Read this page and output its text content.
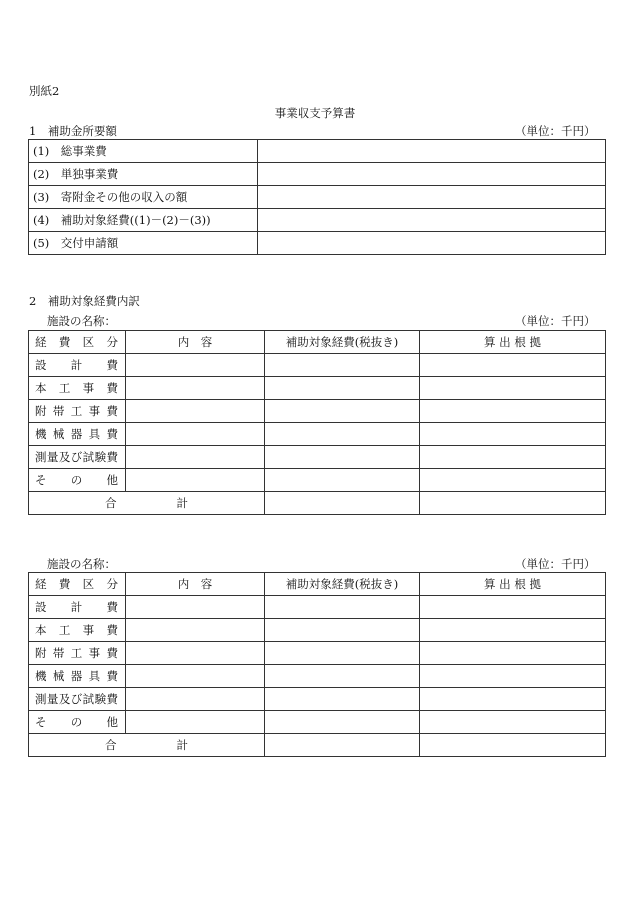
別紙2
事業収支予算書
1　補助金所要額	（単位：千円）
(1)　総事業費	
(2)　単独事業費	
(3)　寄附金その他の収入の額	
(4)　補助対象経費((1)－(2)－(3))	
(5)　交付申請額	
2　補助対象経費内訳
施設の名称：	（単位：千円）
経費区分	内　容	補助対象経費(税抜き)	算 出 根 拠
設計費			
本工事費			
附帯工事費			
機械器具費			
測量及び試験費			
その他			
合 計			
施設の名称：	（単位：千円）
経費区分	内　容	補助対象経費(税抜き)	算 出 根 拠
設計費			
本工事費			
附帯工事費			
機械器具費			
測量及び試験費			
その他			
合 計			
